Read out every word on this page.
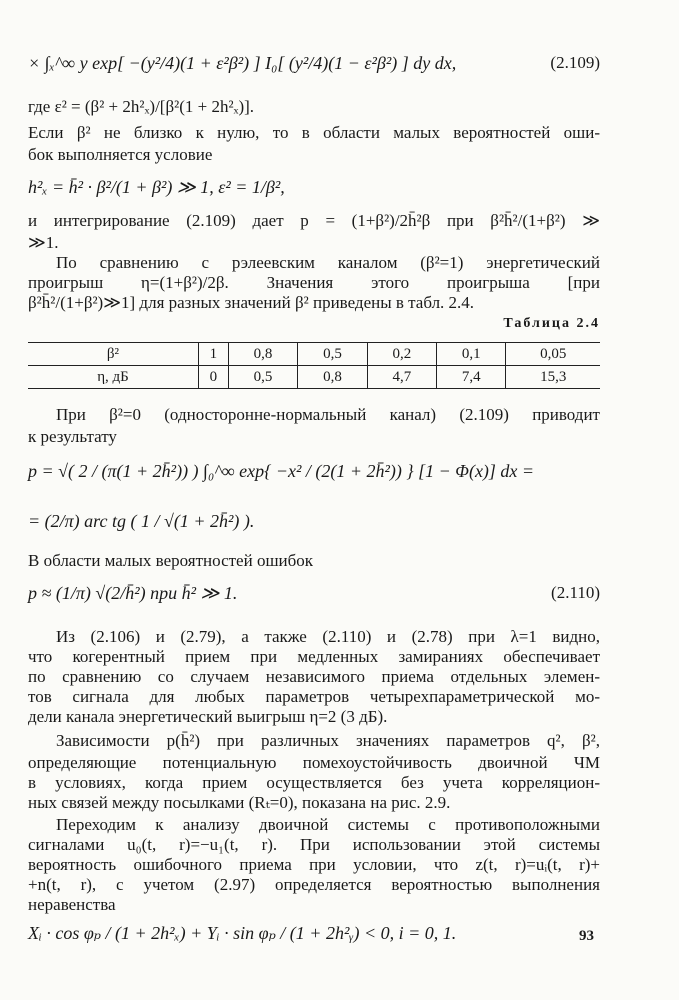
× ∫ₓ^∞ y exp[ −(y²/4)(1 + ε²β²) ] I₀[ (y²/4)(1 − ε²β²) ] dy dx,	(2.109)
где ε² = (β² + 2h²ₓ)/[β²(1 + 2h²ₓ)].
Если β² не близко к нулю, то в области малых вероятностей оши-
бок выполняется условие
h²ₓ = h̄² · β²/(1 + β²) ≫ 1, ε² = 1/β²,
и интегрирование (2.109) дает p = (1+β²)/2h̄²β при β²h̄²/(1+β²) ≫
≫1.
По сравнению с рэлеевским каналом (β²=1) энергетический
проигрыш η=(1+β²)/2β. Значения этого проигрыша [при
β²h̄²/(1+β²)≫1] для разных значений β² приведены в табл. 2.4.
Таблица 2.4
β²	1	0,8	0,5	0,2	0,1	0,05
η, дБ	0	0,5	0,8	4,7	7,4	15,3
При β²=0 (односторонне-нормальный канал) (2.109) приводит
к результату
p = √( 2 / (π(1 + 2h̄²)) ) ∫₀^∞ exp{ −x² / (2(1 + 2h̄²)) } [1 − Φ(x)] dx =
= (2/π) arc tg ( 1 / √(1 + 2h̄²) ).
В области малых вероятностей ошибок
p ≈ (1/π) √(2/h̄²) при h̄² ≫ 1.	(2.110)
Из (2.106) и (2.79), а также (2.110) и (2.78) при λ=1 видно,
что когерентный прием при медленных замираниях обеспечивает
по сравнению со случаем независимого приема отдельных элемен-
тов сигнала для любых параметров четырехпараметрической мо-
дели канала энергетический выигрыш η=2 (3 дБ).
Зависимости p(h̄²) при различных значениях параметров q², β²,
определяющие потенциальную помехоустойчивость двоичной ЧМ
в условиях, когда прием осуществляется без учета корреляцион-
ных связей между посылками (Rₜ=0), показана на рис. 2.9.
Переходим к анализу двоичной системы с противоположными
сигналами u₀(t, r)=−u₁(t, r). При использовании этой системы
вероятность ошибочного приема при условии, что z(t, r)=uᵢ(t, r)+
+n(t, r), с учетом (2.97) определяется вероятностью выполнения
неравенства
Xᵢ · cos φₚ / (1 + 2h²ₓ) + Yᵢ · sin φₚ / (1 + 2h²ᵧ) < 0, i = 0, 1.	93
